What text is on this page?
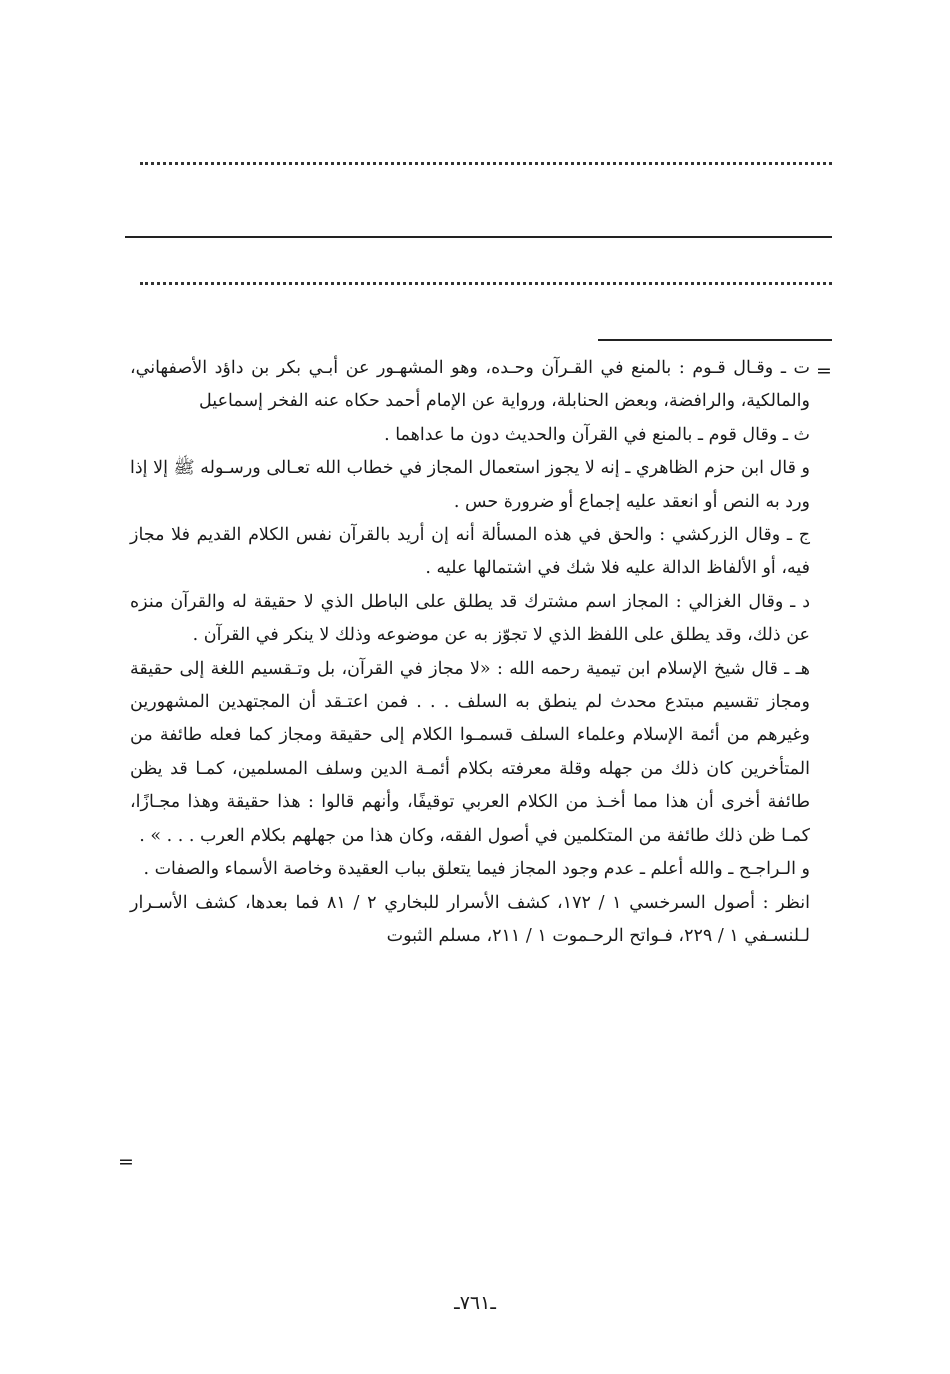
=

ت ـ وقـال قـوم : بالمنع في القـرآن وحـده، وهو المشهـور عن أبـي بكر بن داؤد الأصفهاني، والمالكية، والرافضة، وبعض الحنابلة، ورواية عن الإمام أحمد حكاه عنه الفخر إسماعيل

ث ـ وقال قوم ـ بالمنع في القرآن والحديث دون ما عداهما .

و قال ابن حزم الظاهري ـ إنه لا يجوز استعمال المجاز في خطاب الله تعـالى ورسـوله ﷺ إلا إذا ورد به النص أو انعقد عليه إجماع أو ضرورة حس .

ج ـ وقال الزركشي : والحق في هذه المسألة أنه إن أريد بالقرآن نفس الكلام القديم فلا مجاز فيه، أو الألفاظ الدالة عليه فلا شك في اشتمالها عليه .

د ـ وقال الغزالي : المجاز اسم مشترك قد يطلق على الباطل الذي لا حقيقة له والقرآن منزه عن ذلك، وقد يطلق على اللفظ الذي لا تجوّز به عن موضوعه وذلك لا ينكر في القرآن .

هـ ـ قال شيخ الإسلام ابن تيمية رحمه الله : «لا مجاز في القرآن، بل وتـقسيم اللغة إلى حقيقة ومجاز تقسيم مبتدع محدث لم ينطق به السلف . . . فمن اعتـقد أن المجتهدين المشهورين وغيرهم من أئمة الإسلام وعلماء السلف قسمـوا الكلام إلى حقيقة ومجاز كما فعله طائفة من المتأخرين كان ذلك من جهله وقلة معرفته بكلام أئمـة الدين وسلف المسلمين، كمـا قد يظن طائفة أخرى أن هذا مما أخـذ من الكلام العربي توقيفًا، وأنهم قالوا : هذا حقيقة وهذا مجـازًا، كمـا ظن ذلك طائفة من المتكلمين في أصول الفقه، وكان هذا من جهلهم بكلام العرب . . . » .

و الـراجـح ـ والله أعلم ـ عدم وجود المجاز فيما يتعلق بباب العقيدة وخاصة الأسماء والصفات .

انظر : أصول السرخسي ١ / ١٧٢، كشف الأسرار للبخاري ٢ / ٨١ فما بعدها، كشف الأسـرار لـلنسـفي ١ / ٢٢٩، فـواتح الرحـموت ١ / ٢١١، مسلم الثبوت

=
ـ٧٦١ـ
